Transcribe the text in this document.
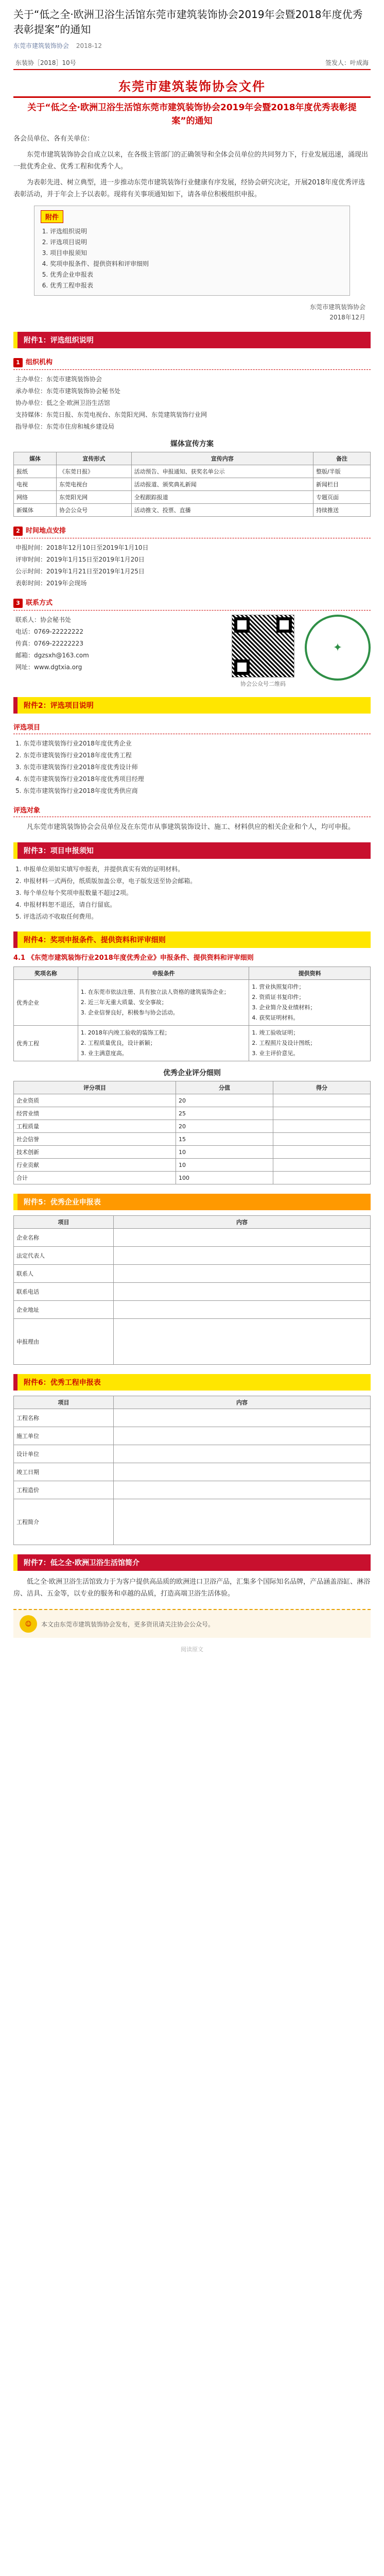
关于“低之全·欧洲卫浴生活馆东莞市建筑装饰协会2019年会暨2018年度优秀表彰提案”的通知
东莞市建筑装饰协会 2018-12
东装协［2018］10号	签发人：叶成海
东莞市建筑装饰协会文件
关于“低之全·欧洲卫浴生活馆东莞市建筑装饰协会2019年会暨2018年度优秀表彰提案”的通知

各会员单位、各有关单位：

东莞市建筑装饰协会自成立以来，在各级主管部门的正确领导和全体会员单位的共同努力下，行业发展迅速，涌现出一批优秀企业、优秀工程和优秀个人。

为表彰先进、树立典型，进一步推动东莞市建筑装饰行业健康有序发展，经协会研究决定，开展2018年度优秀评选表彰活动，并于年会上予以表彰。现将有关事项通知如下，请各单位积极组织申报。

附件
1. 评选组织说明
2. 评选项目说明
3. 项目申报须知
4. 奖项申报条件、提供资料和评审细则
5. 优秀企业申报表
6. 优秀工程申报表
东莞市建筑装饰协会
2018年12月
附件1：评选组织说明
1 组织机构
主办单位：东莞市建筑装饰协会
承办单位：东莞市建筑装饰协会秘书处
协办单位：低之全·欧洲卫浴生活馆
支持媒体：东莞日报、东莞电视台、东莞阳光网、东莞建筑装饰行业网
指导单位：东莞市住房和城乡建设局
媒体宣传方案
媒体	宣传形式	宣传内容	备注
报纸	《东莞日报》	活动预告、申报通知、获奖名单公示	整版/半版
电视	东莞电视台	活动报道、颁奖典礼新闻	新闻栏目
网络	东莞阳光网	全程跟踪报道	专题页面
新媒体	协会公众号	活动推文、投票、直播	持续推送
2 时间地点安排
申报时间：2018年12月10日至2019年1月10日
评审时间：2019年1月15日至2019年1月20日
公示时间：2019年1月21日至2019年1月25日
表彰时间：2019年会现场
3 联系方式
联系人：协会秘书处
电话：0769-22222222
传真：0769-22222223
邮箱：dgzsxh@163.com
网址：www.dgtxia.org
协会公众号二维码
✦
附件2：评选项目说明
评选项目
1. 东莞市建筑装饰行业2018年度优秀企业
2. 东莞市建筑装饰行业2018年度优秀工程
3. 东莞市建筑装饰行业2018年度优秀设计师
4. 东莞市建筑装饰行业2018年度优秀项目经理
5. 东莞市建筑装饰行业2018年度优秀供应商
评选对象

凡东莞市建筑装饰协会会员单位及在东莞市从事建筑装饰设计、施工、材料供应的相关企业和个人，均可申报。

附件3：项目申报须知
1. 申报单位须如实填写申报表，并提供真实有效的证明材料。
2. 申报材料一式两份，纸质版加盖公章，电子版发送至协会邮箱。
3. 每个单位每个奖项申报数量不超过2项。
4. 申报材料恕不退还，请自行留底。
5. 评选活动不收取任何费用。
附件4：奖项申报条件、提供资料和评审细则
4.1 《东莞市建筑装饰行业2018年度优秀企业》申报条件、提供资料和评审细则
奖项名称	申报条件	提供资料
优秀企业	1. 在东莞市依法注册、具有独立法人资格的建筑装饰企业；
2. 近三年无重大质量、安全事故；
3. 企业信誉良好，积极参与协会活动。	1. 营业执照复印件；
2. 资质证书复印件；
3. 企业简介及业绩材料；
4. 获奖证明材料。
优秀工程	1. 2018年内竣工验收的装饰工程；
2. 工程质量优良，设计新颖；
3. 业主满意度高。	1. 竣工验收证明；
2. 工程照片及设计图纸；
3. 业主评价意见。
优秀企业评分细则
评分项目	分值	得分
企业资质	20	
经营业绩	25	
工程质量	20	
社会信誉	15	
技术创新	10	
行业贡献	10	
合计	100	
附件5：优秀企业申报表
项目	内容
企业名称	
法定代表人	
联系人	
联系电话	
企业地址	
申报理由	
附件6：优秀工程申报表
项目	内容
工程名称	
施工单位	
设计单位	
竣工日期	
工程造价	
工程简介	
附件7：低之全·欧洲卫浴生活馆简介

低之全·欧洲卫浴生活馆致力于为客户提供高品质的欧洲进口卫浴产品，汇集多个国际知名品牌，产品涵盖浴缸、淋浴房、洁具、五金等，以专业的服务和卓越的品质，打造高端卫浴生活体验。

☺	本文由东莞市建筑装饰协会发布，更多资讯请关注协会公众号。
阅读原文
